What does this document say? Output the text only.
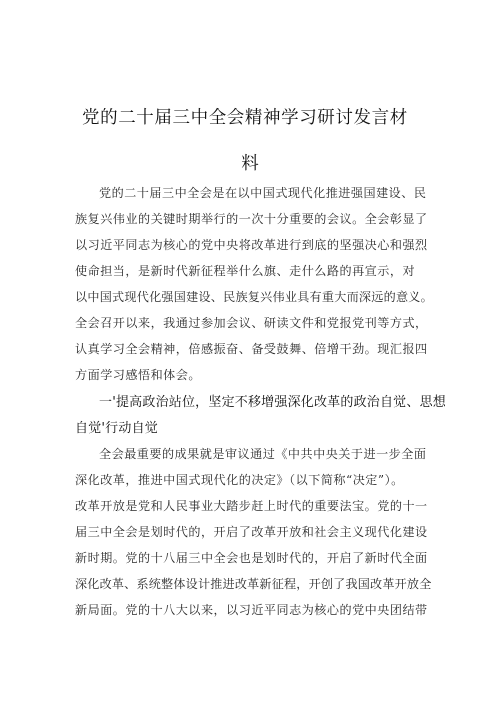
党的二十届三中全会精神学习研讨发言材
料
党的二十届三中全会是在以中国式现代化推进强国建设、民
族复兴伟业的关键时期举行的一次十分重要的会议。全会彰显了
以习近平同志为核心的党中央将改革进行到底的坚强决心和强烈
使命担当，是新时代新征程举什么旗、走什么路的再宣示，对
以中国式现代化强国建设、民族复兴伟业具有重大而深远的意义。
全会召开以来，我通过参加会议、研读文件和党报党刊等方式，
认真学习全会精神，倍感振奋、备受鼓舞、倍增干劲。现汇报四
方面学习感悟和体会。
一'提高政治站位，坚定不移增强深化改革的政治自觉、思想
自觉'行动自觉
全会最重要的成果就是审议通过《中共中央关于进一步全面
深化改革，推进中国式现代化的决定》（以下简称“决定”）。
改革开放是党和人民事业大踏步赶上时代的重要法宝。党的十一
届三中全会是划时代的，开启了改革开放和社会主义现代化建设
新时期。党的十八届三中全会也是划时代的，开启了新时代全面
深化改革、系统整体设计推进改革新征程，开创了我国改革开放全
新局面。党的十八大以来，以习近平同志为核心的党中央团结带
